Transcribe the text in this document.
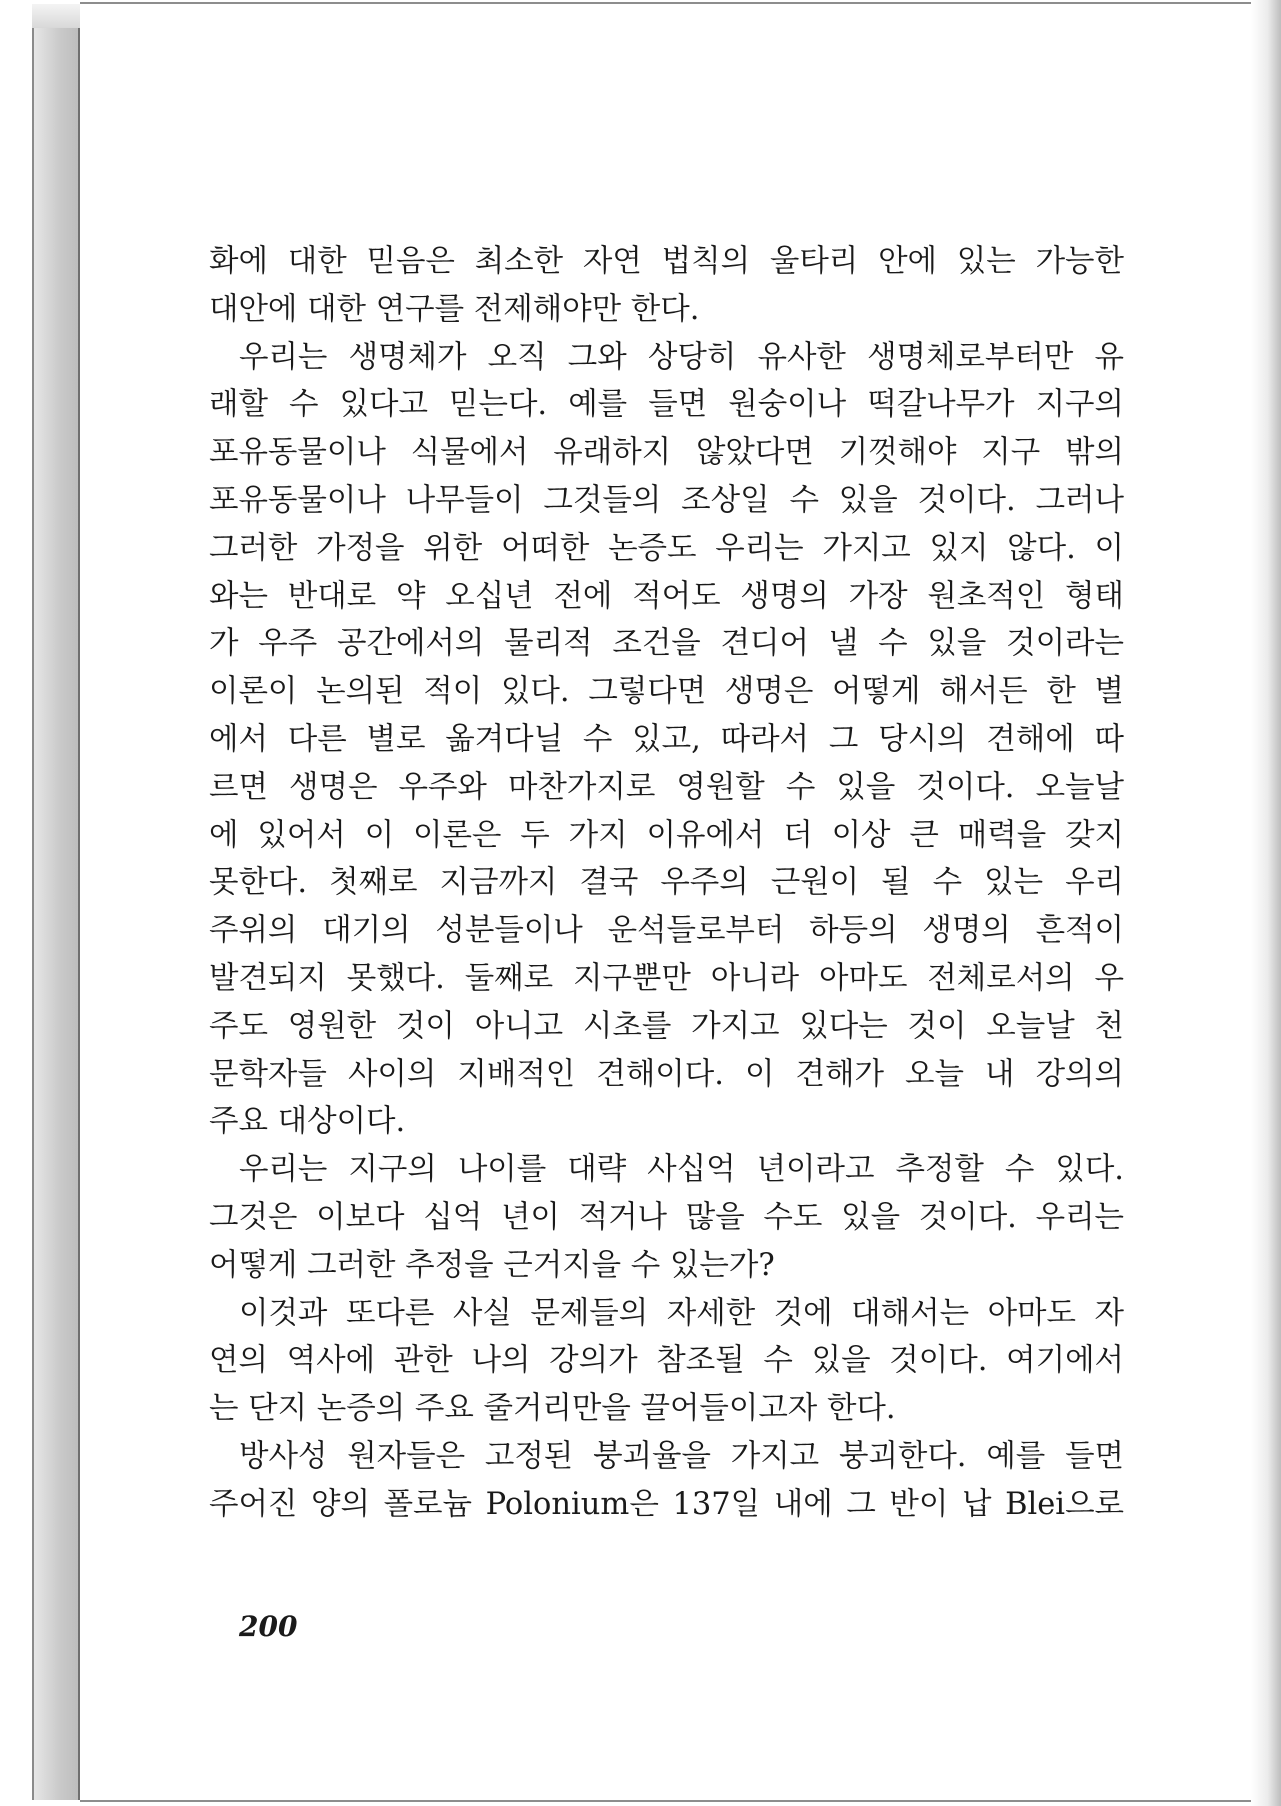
화에 대한 믿음은 최소한 자연 법칙의 울타리 안에 있는 가능한
대안에 대한 연구를 전제해야만 한다.
우리는 생명체가 오직 그와 상당히 유사한 생명체로부터만 유
래할 수 있다고 믿는다. 예를 들면 원숭이나 떡갈나무가 지구의
포유동물이나 식물에서 유래하지 않았다면 기껏해야 지구 밖의
포유동물이나 나무들이 그것들의 조상일 수 있을 것이다. 그러나
그러한 가정을 위한 어떠한 논증도 우리는 가지고 있지 않다. 이
와는 반대로 약 오십년 전에 적어도 생명의 가장 원초적인 형태
가 우주 공간에서의 물리적 조건을 견디어 낼 수 있을 것이라는
이론이 논의된 적이 있다. 그렇다면 생명은 어떻게 해서든 한 별
에서 다른 별로 옮겨다닐 수 있고, 따라서 그 당시의 견해에 따
르면 생명은 우주와 마찬가지로 영원할 수 있을 것이다. 오늘날
에 있어서 이 이론은 두 가지 이유에서 더 이상 큰 매력을 갖지
못한다. 첫째로 지금까지 결국 우주의 근원이 될 수 있는 우리
주위의 대기의 성분들이나 운석들로부터 하등의 생명의 흔적이
발견되지 못했다. 둘째로 지구뿐만 아니라 아마도 전체로서의 우
주도 영원한 것이 아니고 시초를 가지고 있다는 것이 오늘날 천
문학자들 사이의 지배적인 견해이다. 이 견해가 오늘 내 강의의
주요 대상이다.
우리는 지구의 나이를 대략 사십억 년이라고 추정할 수 있다.
그것은 이보다 십억 년이 적거나 많을 수도 있을 것이다. 우리는
어떻게 그러한 추정을 근거지을 수 있는가?
이것과 또다른 사실 문제들의 자세한 것에 대해서는 아마도 자
연의 역사에 관한 나의 강의가 참조될 수 있을 것이다. 여기에서
는 단지 논증의 주요 줄거리만을 끌어들이고자 한다.
방사성 원자들은 고정된 붕괴율을 가지고 붕괴한다. 예를 들면
주어진 양의 폴로늄 Polonium은 137일 내에 그 반이 납 Blei으로
200
